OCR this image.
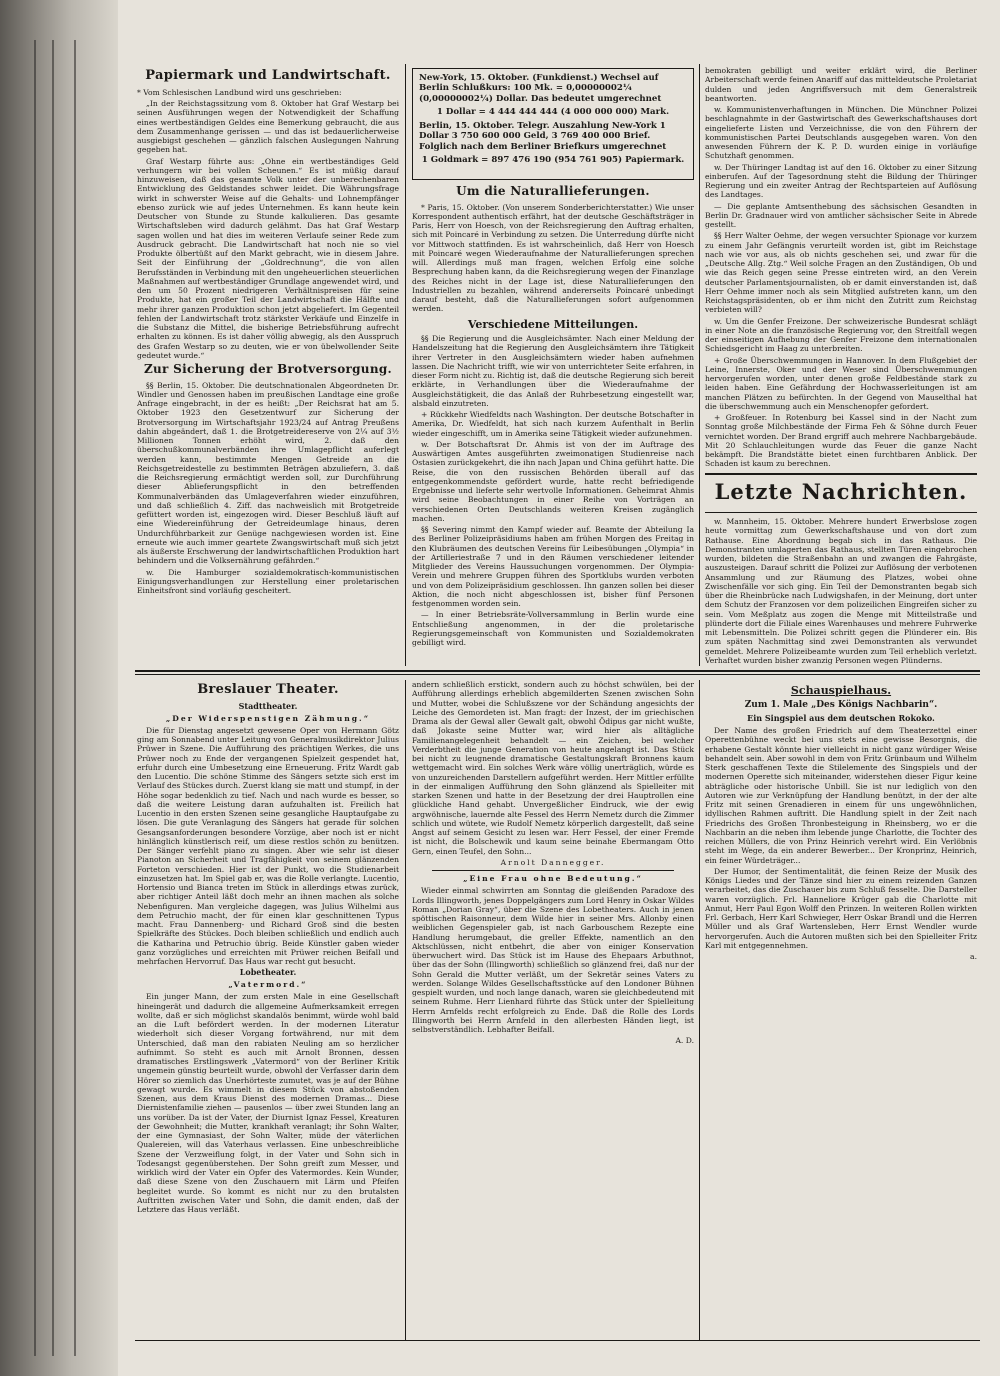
Papiermark und Landwirtschaft.

* Vom Schlesischen Landbund wird uns geschrieben:

„In der Reichstagssitzung vom 8. Oktober hat Graf Westarp bei seinen Ausführungen wegen der Notwendigkeit der Schaffung eines wertbeständigen Geldes eine Bemerkung gebraucht, die aus dem Zusammenhange gerissen — und das ist bedauerlicherweise ausgiebigst geschehen — gänzlich falschen Auslegungen Nahrung gegeben hat.

Graf Westarp führte aus: „Ohne ein wertbeständiges Geld verhungern wir bei vollen Scheunen.“ Es ist müßig darauf hinzuweisen, daß das gesamte Volk unter der unberechenbaren Entwicklung des Geldstandes schwer leidet. Die Währungsfrage wirkt in schwerster Weise auf die Gehalts- und Lohnempfänger ebenso zurück wie auf jedes Unternehmen. Es kann heute kein Deutscher von Stunde zu Stunde kalkulieren. Das gesamte Wirtschaftsleben wird dadurch gelähmt. Das hat Graf Westarp sagen wollen und hat dies im weiteren Verlaufe seiner Rede zum Ausdruck gebracht. Die Landwirtschaft hat noch nie so viel Produkte ölbertüßt auf den Markt gebracht, wie in diesem Jahre. Seit der Einführung der „Goldrechnung“, die von allen Berufsständen in Verbindung mit den ungeheuerlichen steuerlichen Maßnahmen auf wertbeständiger Grundlage angewendet wird, und den um 50 Prozent niedrigeren Verhältnispreisen für seine Produkte, hat ein großer Teil der Landwirtschaft die Hälfte und mehr ihrer ganzen Produktion schon jetzt abgeliefert. Im Gegenteil fehlen der Landwirtschaft trotz stärkster Verkäufe und Einzelfe in die Substanz die Mittel, die bisherige Betriebsführung aufrecht erhalten zu können. Es ist daher völlig abwegig, als den Ausspruch des Grafen Westarp so zu deuten, wie er von übelwollender Seite gedeutet wurde.“

Zur Sicherung der Brotversorgung.

§§ Berlin, 15. Oktober. Die deutschnationalen Abgeordneten Dr. Windler und Genossen haben im preußischen Landtage eine große Anfrage eingebracht, in der es heißt: „Der Reichsrat hat am 5. Oktober 1923 den Gesetzentwurf zur Sicherung der Brotversorgung im Wirtschaftsjahr 1923/24 auf Antrag Preußens dahin abgeändert, daß 1. die Brotgetreidereserve von 2¼ auf 3½ Millionen Tonnen erhöht wird, 2. daß den überschußkommunalverbänden ihre Umlagepflicht auferlegt werden kann, bestimmte Mengen Getreide an die Reichsgetreidestelle zu bestimmten Beträgen abzuliefern, 3. daß die Reichsregierung ermächtigt werden soll, zur Durchführung dieser Ablieferungspflicht in den betreffenden Kommunalverbänden das Umlageverfahren wieder einzuführen, und daß schließlich 4. Ziff. das nachweislich mit Brotgetreide gefüttert worden ist, eingezogen wird. Dieser Beschluß läuft auf eine Wiedereinführung der Getreideumlage hinaus, deren Undurchführbarkeit zur Genüge nachgewiesen worden ist. Eine erneute wie auch immer geartete Zwangswirtschaft muß sich jetzt als äußerste Erschwerung der landwirtschaftlichen Produktion hart behindern und die Volksernährung gefährden.“

w. Die Hamburger sozialdemokratisch-kommunistischen Einigungsverhandlungen zur Herstellung einer proletarischen Einheitsfront sind vorläufig gescheitert.

New-York, 15. Oktober. (Funkdienst.) Wechsel auf Berlin Schlußkurs: 100 Mk. = 0,00000002¼ (0,00000002¼) Dollar. Das bedeutet umgerechnet

1 Dollar = 4 444 444 444 (4 000 000 000) Mark.

Berlin, 15. Oktober. Telegr. Auszahlung New-York 1 Dollar 3 750 600 000 Geld, 3 769 400 000 Brief. Folglich nach dem Berliner Briefkurs umgerechnet

1 Goldmark = 897 476 190 (954 761 905) Papiermark.

Um die Naturallieferungen.

* Paris, 15. Oktober. (Von unserem Sonderberichterstatter.) Wie unser Korrespondent authentisch erfährt, hat der deutsche Geschäftsträger in Paris, Herr von Hoesch, von der Reichsregierung den Auftrag erhalten, sich mit Poincaré in Verbindung zu setzen. Die Unterredung dürfte nicht vor Mittwoch stattfinden. Es ist wahrscheinlich, daß Herr von Hoesch mit Poincaré wegen Wiederaufnahme der Naturallieferungen sprechen will. Allerdings muß man fragen, welchen Erfolg eine solche Besprechung haben kann, da die Reichsregierung wegen der Finanzlage des Reiches nicht in der Lage ist, diese Naturallieferungen den Industriellen zu bezahlen, während andererseits Poincaré unbedingt darauf besteht, daß die Naturallieferungen sofort aufgenommen werden.

Verschiedene Mitteilungen.

§§ Die Regierung und die Ausgleichsämter. Nach einer Meldung der Handelszeitung hat die Regierung den Ausgleichsämtern ihre Tätigkeit ihrer Vertreter in den Ausgleichsämtern wieder haben aufnehmen lassen. Die Nachricht trifft, wie wir von unterrichteter Seite erfahren, in dieser Form nicht zu. Richtig ist, daß die deutsche Regierung sich bereit erklärte, in Verhandlungen über die Wiederaufnahme der Ausgleichstätigkeit, die das Anlaß der Ruhrbesetzung eingestellt war, alsbald einzutreten.

+ Rückkehr Wiedfeldts nach Washington. Der deutsche Botschafter in Amerika, Dr. Wiedfeldt, hat sich nach kurzem Aufenthalt in Berlin wieder eingeschifft, um in Amerika seine Tätigkeit wieder aufzunehmen.

w. Der Botschaftsrat Dr. Ahmis ist von der im Auftrage des Auswärtigen Amtes ausgeführten zweimonatigen Studienreise nach Ostasien zurückgekehrt, die ihn nach Japan und China geführt hatte. Die Reise, die von den russischen Behörden überall auf das entgegenkommendste gefördert wurde, hatte recht befriedigende Ergebnisse und lieferte sehr wertvolle Informationen. Geheimrat Ahmis wird seine Beobachtungen in einer Reihe von Vorträgen an verschiedenen Orten Deutschlands weiteren Kreisen zugänglich machen.

§§ Severing nimmt den Kampf wieder auf. Beamte der Abteilung Ia des Berliner Polizeipräsidiums haben am frühen Morgen des Freitag in den Klubräumen des deutschen Vereins für Leibesübungen „Olympia“ in der Artilleriestraße 7 und in den Räumen verschiedener leitender Mitglieder des Vereins Haussuchungen vorgenommen. Der Olympia-Verein und mehrere Gruppen führen des Sportklubs wurden verboten und von dem Polizeipräsidium geschlossen. Ihn ganzen sollen bei dieser Aktion, die noch nicht abgeschlossen ist, bisher fünf Personen festgenommen worden sein.

— In einer Betriebsräte-Vollversammlung in Berlin wurde eine Entschließung angenommen, in der die proletarische Regierungsgemeinschaft von Kommunisten und Sozialdemokraten gebilligt wird.

bemokraten gebilligt und weiter erklärt wird, die Berliner Arbeiterschaft werde feinen Anariff auf das mitteldeutsche Proletariat dulden und jeden Angriffsversuch mit dem Generalstreik beantworten.

w. Kommunistenverhaftungen in München. Die Münchner Polizei beschlagnahmte in der Gastwirtschaft des Gewerkschaftshauses dort eingelieferte Listen und Verzeichnisse, die von den Führern der kommunistischen Partei Deutschlands ausgegeben waren. Von den anwesenden Führern der K. P. D. wurden einige in vorläufige Schutzhaft genommen.

w. Der Thüringer Landtag ist auf den 16. Oktober zu einer Sitzung einberufen. Auf der Tagesordnung steht die Bildung der Thüringer Regierung und ein zweiter Antrag der Rechtsparteien auf Auflösung des Landtages.

— Die geplante Amtsenthebung des sächsischen Gesandten in Berlin Dr. Gradnauer wird von amtlicher sächsischer Seite in Abrede gestellt.

§§ Herr Walter Oehme, der wegen versuchter Spionage vor kurzem zu einem Jahr Gefängnis verurteilt worden ist, gibt im Reichstage nach wie vor aus, als ob nichts geschehen sei, und zwar für die „Deutsche Allg. Ztg.“ Weil solche Fragen an den Zuständigen, Ob und wie das Reich gegen seine Presse eintreten wird, an den Verein deutscher Parlamentsjournalisten, ob er damit einverstanden ist, daß Herr Oehme immer noch als sein Mitglied aufstreten kann, um den Reichstagspräsidenten, ob er ihm nicht den Zutritt zum Reichstag verbieten will?

w. Um die Genfer Freizone. Der schweizerische Bundesrat schlägt in einer Note an die französische Regierung vor, den Streitfall wegen der einseitigen Aufhebung der Genfer Freizone dem internationalen Schiedsgericht im Haag zu unterbreiten.

+ Große Überschwemmungen in Hannover. In dem Flußgebiet der Leine, Innerste, Oker und der Weser sind Überschwemmungen hervorgerufen worden, unter denen große Feldbestände stark zu leiden haben. Eine Gefährdung der Hochwasserleitungen ist am manchen Plätzen zu befürchten. In der Gegend von Mauselthal hat die überschwemmung auch ein Menschenopfer gefordert.

+ Großfeuer. In Rotenburg bei Kassel sind in der Nacht zum Sonntag große Milchbestände der Firma Feh & Söhne durch Feuer vernichtet worden. Der Brand ergriff auch mehrere Nachbargebäude. Mit 20 Schlauchleitungen wurde das Feuer die ganze Nacht bekämpft. Die Brandstätte bietet einen furchtbaren Anblick. Der Schaden ist kaum zu berechnen.

Letzte Nachrichten.

w. Mannheim, 15. Oktober. Mehrere hundert Erwerbslose zogen heute vormittag zum Gewerkschaftshause und von dort zum Rathause. Eine Abordnung begab sich in das Rathaus. Die Demonstranten umlagerten das Rathaus, stellten Türen eingebrochen wurden, bildeten die Straßenbahn an und zwangen die Fahrgäste, auszusteigen. Darauf schritt die Polizei zur Auflösung der verbotenen Ansammlung und zur Räumung des Platzes, wobei ohne Zwischenfälle vor sich ging. Ein Teil der Demonstranten begab sich über die Rheinbrücke nach Ludwigshafen, in der Meinung, dort unter dem Schutz der Franzosen vor dem polizeilichen Eingreifen sicher zu sein. Vom Meßplatz aus zogen die Menge mit Mitteilstraße und plünderte dort die Filiale eines Warenhauses und mehrere Fuhrwerke mit Lebensmitteln. Die Polizei schritt gegen die Plünderer ein. Bis zum späten Nachmittag sind zwei Demonstranten als verwundet gemeldet. Mehrere Polizeibeamte wurden zum Teil erheblich verletzt. Verhaftet wurden bisher zwanzig Personen wegen Plünderns.

Breslauer Theater.
Stadttheater.
„Der Widerspenstigen Zähmung.“

Die für Dienstag angesetzt gewesene Oper von Hermann Götz ging am Sonnabend unter Leitung von Generalmusikdirektor Julius Prüwer in Szene. Die Aufführung des prächtigen Werkes, die uns Prüwer noch zu Ende der vergangenen Spielzeit gespendet hat, erfuhr durch eine Umbesetzung eine Erneuerung. Fritz Wardt gab den Lucentio. Die schöne Stimme des Sängers setzte sich erst im Verlauf des Stückes durch. Zuerst klang sie matt und stumpf, in der Höhe sogar bedenklich zu tief. Nach und nach wurde es besser, so daß die weitere Leistung daran aufzuhalten ist. Freilich hat Lucentio in den ersten Szenen seine gesangliche Hauptaufgabe zu lösen. Die gute Veranlagung des Sängers hat gerade für solchen Gesangsanforderungen besondere Vorzüge, aber noch ist er nicht hinlänglich künstlerisch reif, um diese restlos schön zu benützen. Der Sänger verfehlt piano zu singen. Aber wie sehr ist dieser Pianoton an Sicherheit und Tragfähigkeit von seinem glänzenden Forteton verschieden. Hier ist der Punkt, wo die Studienarbeit einzusetzen hat. Im Spiel gab er, was die Rolle verlangte. Lucentio, Hortensio und Bianca treten im Stück in allerdings etwas zurück, aber richtiger Anteil läßt doch mehr an ihnen machen als solche Nebenfiguren. Man vergleiche dagegen, was Julius Wilhelmi aus dem Petruchio macht, der für einen klar geschnittenen Typus macht. Frau Dannenberg- und Richard Groß sind die besten Spielkräfte des Stückes. Doch bleiben schließlich und endlich auch die Katharina und Petruchio übrig. Beide Künstler gaben wieder ganz vorzügliches und erreichten mit Prüwer reichen Beifall und mehrfachen Hervorruf. Das Haus war recht gut besucht.

Lobetheater.
„Vatermord.“

Ein junger Mann, der zum ersten Male in eine Gesellschaft hineingerät und dadurch die allgemeine Aufmerksamkeit erregen wollte, daß er sich möglichst skandalös benimmt, würde wohl bald an die Luft befördert werden. In der modernen Literatur wiederholt sich dieser Vorgang fortwährend, nur mit dem Unterschied, daß man den rabiaten Neuling am so herzlicher aufnimmt. So steht es auch mit Arnolt Bronnen, dessen dramatisches Erstlingswerk „Vatermord“ von der Berliner Kritik ungemein günstig beurteilt wurde, obwohl der Verfasser darin dem Hörer so ziemlich das Unerhörteste zumutet, was je auf der Bühne gewagt wurde. Es wimmelt in diesem Stück von abstoßenden Szenen, aus dem Kraus Dienst des modernen Dramas... Diese Diernistenfamilie ziehen — pausenlos — über zwei Stunden lang an uns vorüber. Da ist der Vater, der Diurnist Ignaz Fessel, Kreaturen der Gewohnheit; die Mutter, krankhaft veranlagt; ihr Sohn Walter, der eine Gymnasiast, der Sohn Walter, müde der väterlichen Qualereien, will das Vaterhaus verlassen. Eine unbeschreibliche Szene der Verzweiflung folgt, in der Vater und Sohn sich in Todesangst gegenüberstehen. Der Sohn greift zum Messer, und wirklich wird der Vater ein Opfer des Vatermordes. Kein Wunder, daß diese Szene von den Zuschauern mit Lärm und Pfeifen begleitet wurde. So kommt es nicht nur zu den brutalsten Auftritten zwischen Vater und Sohn, die damit enden, daß der Letztere das Haus verläßt.

andern schließlich erstickt, sondern auch zu höchst schwülen, bei der Aufführung allerdings erheblich abgemilderten Szenen zwischen Sohn und Mutter, wobei die Schlußszene vor der Schändung angesichts der Leiche des Gemordeten ist. Man fragt: der Inzest, der im griechischen Drama als der Gewal aller Gewalt galt, obwohl Ödipus gar nicht wußte, daß Jokaste seine Mutter war, wird hier als alltägliche Familienangelegenheit behandelt — ein Zeichen, bei welcher Verderbtheit die junge Generation von heute angelangt ist. Das Stück bei nicht zu leugnende dramatische Gestaltungskraft Bronnens kaum wettgemacht wird. Ein solches Werk wäre völlig unerträglich, würde es von unzureichenden Darstellern aufgeführt werden. Herr Mittler erfüllte in der einmaligen Aufführung den Sohn glänzend als Spielleiter mit starken Szenen und hatte in der Besetzung der drei Hauptrollen eine glückliche Hand gehabt. Unvergeßlicher Eindruck, wie der ewig argwöhnische, lauernde alte Fessel des Herrn Nemetz durch die Zimmer schlich und wütete, wie Rudolf Nemetz körperlich dargestellt, daß seine Angst auf seinem Gesicht zu lesen war. Herr Fessel, der einer Fremde ist nicht, die Bolschewik und kaum seine beinahe Ebermangam Otto Gern, einen Teufel, den Sohn...

Arnolt Dannegger.
„Eine Frau ohne Bedeutung.“

Wieder einmal schwirrten am Sonntag die gleißenden Paradoxe des Lords Illingworth, jenes Doppelgängers zum Lord Henry in Oskar Wildes Roman „Dorian Gray“, über die Szene des Lobetheaters. Auch in jenen spöttischen Raisonneur, dem Wilde hier in seiner Mrs. Allonby einen weiblichen Gegenspieler gab, ist nach Garbouschem Rezepte eine Handlung herumgebaut, die greller Effekte, namentlich an den Aktschlüssen, nicht entbehrt, die aber von einiger Konservation überwuchert wird. Das Stück ist im Hause des Ehepaars Arbuthnot, über das der Sohn (Illingworth) schließlich so glänzend frei, daß nur der Sohn Gerald die Mutter verläßt, um der Sekretär seines Vaters zu werden. Solange Wildes Gesellschaftsstücke auf den Londoner Bühnen gespielt wurden, und noch lange danach, waren sie gleichbedeutend mit seinem Ruhme. Herr Lienhard führte das Stück unter der Spielleitung Herrn Arnfelds recht erfolgreich zu Ende. Daß die Rolle des Lords Illingworth bei Herrn Arnfeld in den allerbesten Händen liegt, ist selbstverständlich. Lebhafter Beifall.

A. D.
Schauspielhaus.
Zum 1. Male „Des Königs Nachbarin“.
Ein Singspiel aus dem deutschen Rokoko.

Der Name des großen Friedrich auf dem Theaterzettel einer Operettenbühne weckt bei uns stets eine gewisse Besorgnis, die erhabene Gestalt könnte hier vielleicht in nicht ganz würdiger Weise behandelt sein. Aber sowohl in dem von Fritz Grünbaum und Wilhelm Sterk geschaffenen Texte die Stilelemente des Singspiels und der modernen Operette sich miteinander, widerstehen dieser Figur keine abträgliche oder historische Unbill. Sie ist nur lediglich von den Autoren wie zur Verknüpfung der Handlung benützt, in der der alte Fritz mit seinen Grenadieren in einem für uns ungewöhnlichen, idyllischen Rahmen auftritt. Die Handlung spielt in der Zeit nach Friedrichs des Großen Thronbesteigung in Rheinsberg, wo er die Nachbarin an die neben ihm lebende junge Charlotte, die Tochter des reichen Müllers, die von Prinz Heinrich verehrt wird. Ein Verlöbnis steht im Wege, da ein anderer Bewerber... Der Kronprinz, Heinrich, ein feiner Würdeträger...

Der Humor, der Sentimentalität, die feinen Reize der Musik des Königs Liedes und der Tänze sind hier zu einem reizenden Ganzen verarbeitet, das die Zuschauer bis zum Schluß fesselte. Die Darsteller waren vorzüglich. Frl. Hanneliore Krüger gab die Charlotte mit Anmut, Herr Paul Egon Wolff den Prinzen. In weiteren Rollen wirkten Frl. Gerbach, Herr Karl Schwieger, Herr Oskar Brandl und die Herren Müller und als Graf Wartensleben, Herr Ernst Wendler wurde hervorgerufen. Auch die Autoren mußten sich bei den Spielleiter Fritz Karl mit entgegennehmen.

a.
